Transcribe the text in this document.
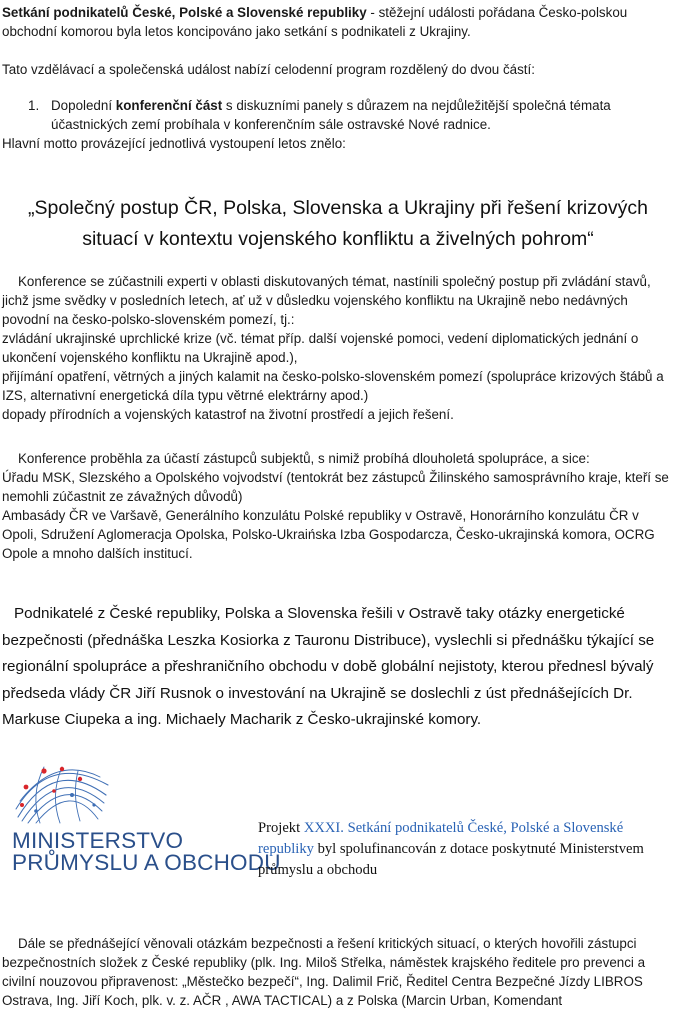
Setkání podnikatelů České, Polské a Slovenské republiky - stěžejní události pořádana Česko-polskou obchodní komorou byla letos koncipováno jako setkání s podnikateli z Ukrajiny.

Tato vzdělávací a společenská událost nabízí celodenní program rozdělený do dvou částí:

1. Dopolední konferenční část s diskuzními panely s důrazem na nejdůležitější společná témata účastnických zemí probíhala v konferenčním sále ostravské Nové radnice.

Hlavní motto provázející jednotlivá vystoupení letos znělo:

„Společný postup ČR, Polska, Slovenska a Ukrajiny při řešení krizových situací v kontextu vojenského konfliktu a živelných pohrom“

Konference se zúčastnili experti v oblasti diskutovaných témat, nastínili společný postup při zvládání stavů, jichž jsme svědky v posledních letech, ať už v důsledku vojenského konfliktu na Ukrajině nebo nedávných povodní na česko-polsko-slovenském pomezí, tj.:

zvládání ukrajinské uprchlické krize (vč. témat příp. další vojenské pomoci, vedení diplomatických jednání o ukončení vojenského konfliktu na Ukrajině apod.),

přijímání opatření, větrných a jiných kalamit na česko-polsko-slovenském pomezí (spolupráce krizových štábů a IZS, alternativní energetická díla typu větrné elektrárny apod.)

dopady přírodních a vojenských katastrof na životní prostředí a jejich řešení.

Konference proběhla za účastí zástupců subjektů, s nimiž probíhá dlouholetá spolupráce, a sice:

Úřadu MSK, Slezského a Opolského vojvodství (tentokrát bez zástupců Žilinského samosprávního kraje, kteří se nemohli zúčastnit ze závažných důvodů)

Ambasády ČR ve Varšavě, Generálního konzulátu Polské republiky v Ostravě, Honorárního konzulátu ČR v Opoli, Sdružení Aglomeracja Opolska, Polsko-Ukraińska Izba Gospodarcza, Česko-ukrajinská komora, OCRG Opole a mnoho dalších institucí.

Podnikatelé z České republiky, Polska a Slovenska řešili v Ostravě taky otázky energetické bezpečnosti (přednáška Leszka Kosiorka z Tauronu Distribuce), vyslechli si přednášku týkající se regionální spolupráce a přeshraničního obchodu v době globální nejistoty, kterou přednesl bývalý předseda vlády ČR Jiří Rusnok o investování na Ukrajině se doslechli z úst přednášejících Dr. Markuse Ciupeka a ing. Michaely Macharik z Česko-ukrajinské komory.

MINISTERSTVO
PRŮMYSLU A OBCHODU
Projekt XXXI. Setkání podnikatelů České, Polské a Slovenské republiky byl spolufinancován z dotace poskytnuté Ministerstvem průmyslu a obchodu

Dále se přednášející věnovali otázkám bezpečnosti a řešení kritických situací, o kterých hovořili zástupci bezpečnostních složek z České republiky (plk. Ing. Miloš Střelka, náměstek krajského ředitele pro prevenci a civilní nouzovou připravenost: „Městečko bezpečí“, Ing. Dalimil Frič, Ředitel Centra Bezpečné Jízdy LIBROS Ostrava, Ing. Jiří Koch, plk. v. z. AČR , AWA TACTICAL) a z Polska (Marcin Urban, Komendant
